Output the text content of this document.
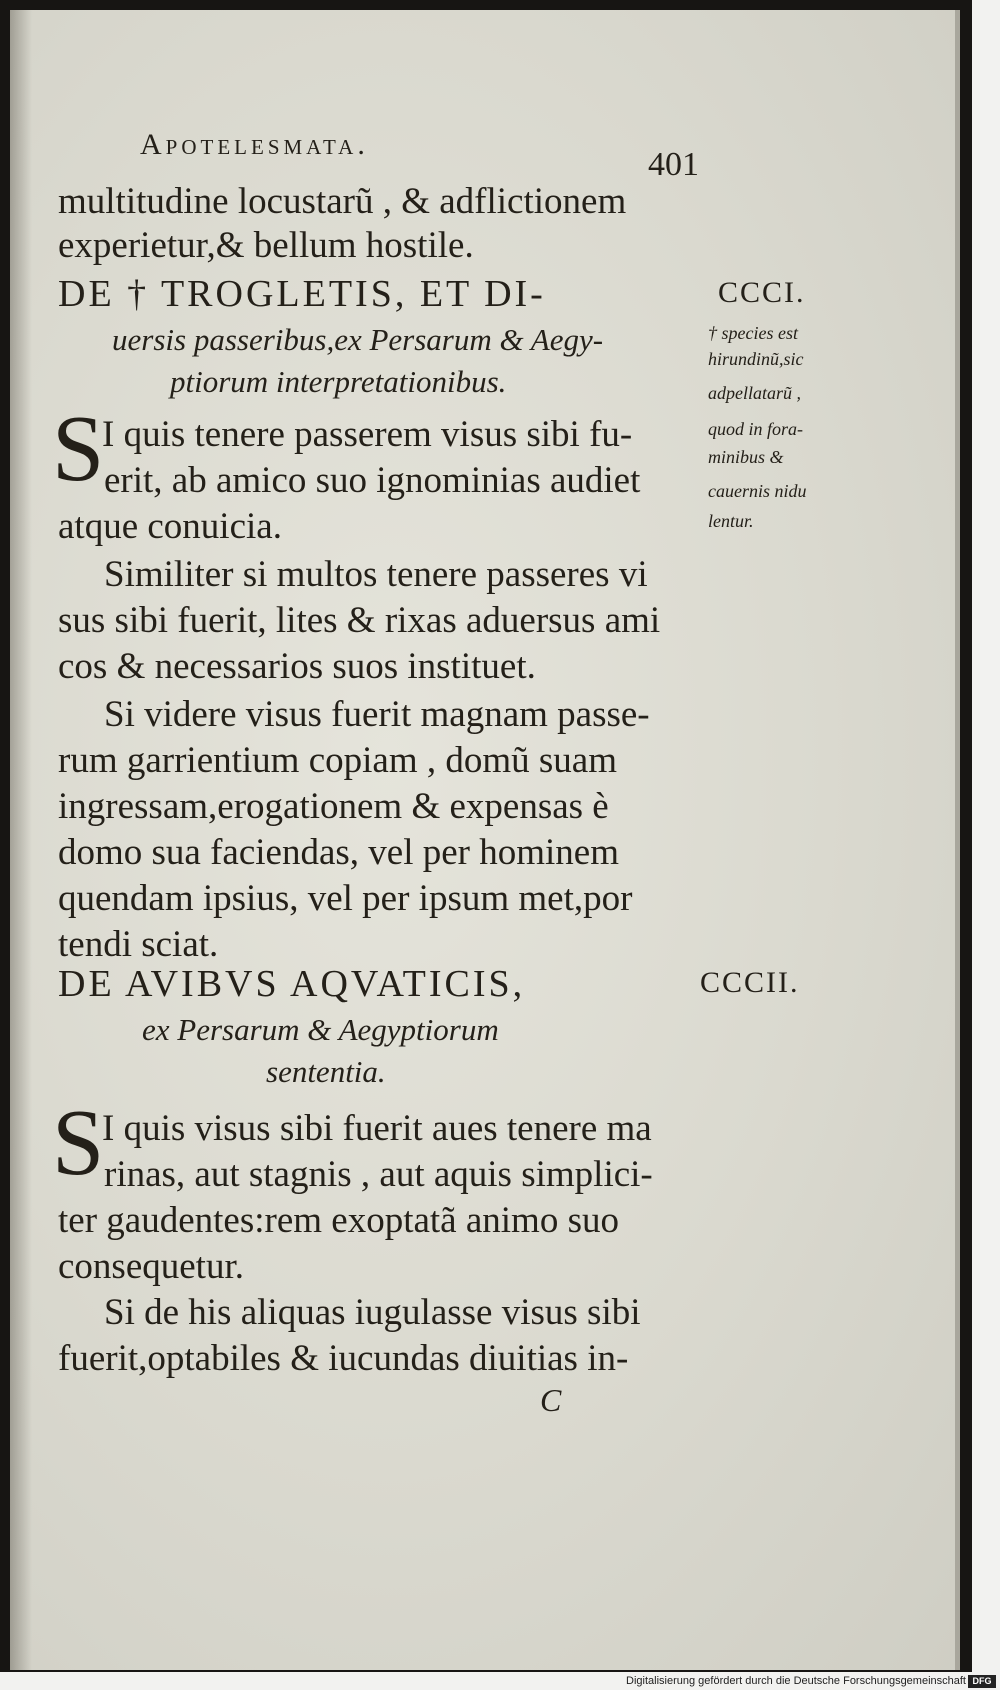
Apotelesmata.
401
multitudine locustarũ , & adflictionem
experietur,& bellum hostile.
DE † TROGLETIS, ET DI-	CCCI.
uersis passeribus,ex Persarum & Aegy-
ptiorum interpretationibus.
S
I quis tenere passerem visus sibi fu-
erit, ab amico suo ignominias audiet
atque conuicia.
Similiter si multos tenere passeres vi
sus sibi fuerit, lites & rixas aduersus ami
cos & necessarios suos instituet.
Si videre visus fuerit magnam passe-
rum garrientium copiam , domũ suam
ingressam,erogationem & expensas è
domo sua faciendas, vel per hominem
quendam ipsius, vel per ipsum met,por
tendi sciat.
† species est
hirundinũ,sic
adpellatarũ ,
quod in fora-
minibus &
cauernis nidu
lentur.
DE AVIBVS AQVATICIS,	CCCII.
ex Persarum & Aegyptiorum
sententia.
S
I quis visus sibi fuerit aues tenere ma
rinas, aut stagnis , aut aquis simplici-
ter gaudentes:rem exoptatã animo suo
consequetur.
Si de his aliquas iugulasse visus sibi
fuerit,optabiles & iucundas diuitias in-
C
Digitalisierung gefördert durch die Deutsche Forschungsgemeinschaft DFG
